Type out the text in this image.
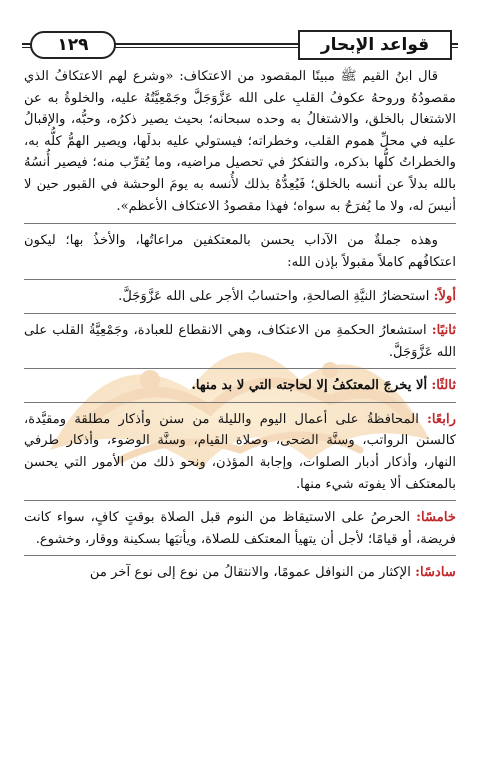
١٢٩	قواعد الإبحار

قال ابنُ القيم ﷺ مبينًا المقصود من الاعتكاف: «وشرع لهم الاعتكافُ الذي مقصودُهُ وروحهُ عكوفُ القلبِ على الله عَزَّوَجَلَّ وجَمْعِيَّتُهُ عليه، والخلوةُ به عن الاشتغال بالخلق، والاشتغالُ به وحده سبحانه؛ بحيث يصير ذكرُه، وحبُّه، والإقبالُ عليه في محلِّ هموم القلب، وخطراته؛ فيستولي عليه بدلَها، ويصير الهمُّ كلُّه به، والخطراتُ كلُّها بذكره، والتفكرُ في تحصيل مراضيه، وما يُقرِّب منه؛ فيصير أُنسُهُ بالله بدلاً عن أنسه بالخلق؛ فَيُعِدُّهُ بذلك لأُنسه به يومَ الوحشة في القبور حين لا أنيسَ له، ولا ما يُفرَحُ به سواه؛ فهذا مقصودُ الاعتكاف الأعظم».

وهذه جملةٌ من الآداب يحسن بالمعتكفين مراعاتُها، والأخذُ بها؛ ليكون اعتكافُهم كاملاً مقبولاً بإذن الله:

أولاً: استحضارُ النيَّةِ الصالحةِ، واحتسابُ الأجر على الله عَزَّوَجَلَّ.
ثانيًا: استشعارُ الحكمةِ من الاعتكاف، وهي الانقطاع للعبادة، وجَمْعِيَّةُ القلب على الله عَزَّوَجَلَّ.
ثالثًا: ألا يخرجَ المعتكفُ إلا لحاجته التي لا بد منها.
رابعًا: المحافظةُ على أعمال اليوم والليلة من سنن وأذكار مطلقة ومقيَّدة، كالسنن الرواتب، وسنَّة الضحى، وصلاة القيام، وسنَّة الوضوء، وأذكار طرفي النهار، وأذكار أدبار الصلوات، وإجابة المؤذن، ونحو ذلك من الأمور التي يحسن بالمعتكف ألا يفوته شيء منها.
خامسًا: الحرصُ على الاستيقاظ من النوم قبل الصلاة بوقتٍ كافٍ، سواء كانت فريضة، أو قيامًا؛ لأجل أن يتهيأ المعتكف للصلاة، ويأتيَها بسكينة ووقار، وخشوع.
سادسًا: الإكثار من النوافل عمومًا، والانتقالُ من نوع إلى نوع آخر من
